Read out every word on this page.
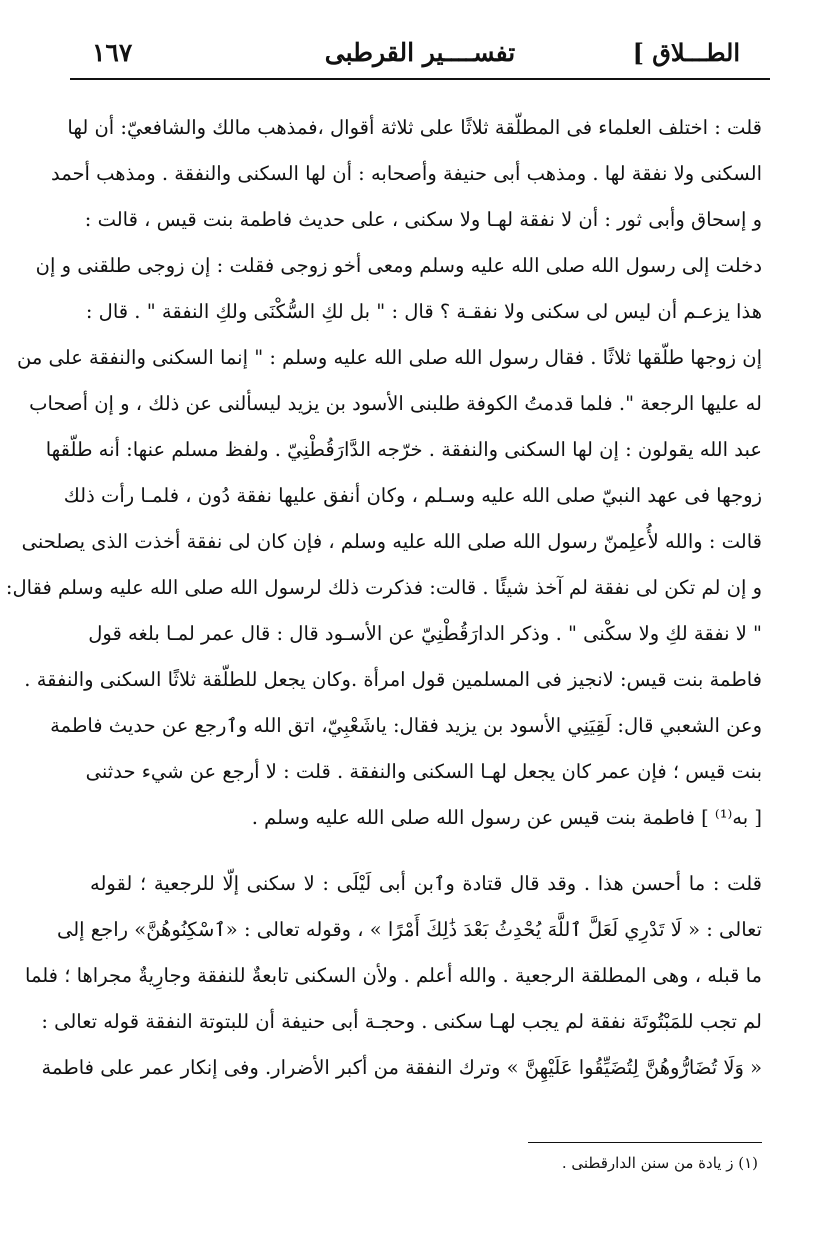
الطـــلاق ]
تفســــير القرطبى
١٦٧
قلت : اختلف العلماء فى المطلّقة ثلاثًا على ثلاثة أقوال ،فمذهب مالك والشافعيّ: أن لها
السكنى ولا نفقة لها . ومذهب أبى حنيفة وأصحابه : أن لها السكنى والنفقة . ومذهب أحمد
و إسحاق وأبى ثور : أن لا نفقة لهـا ولا سكنى ، على حديث فاطمة بنت قيس ، قالت :
دخلت إلى رسول الله صلى الله عليه وسلم ومعى أخو زوجى فقلت : إن زوجى طلقنى و إن
هذا يزعـم أن ليس لى سكنى ولا نفقـة ؟ قال : " بل لكِ السُّكْنَى ولكِ النفقة " . قال :
إن زوجها طلّقها ثلاثًا . فقال رسول الله صلى الله عليه وسلم : " إنما السكنى والنفقة على من
له عليها الرجعة ". فلما قدمتُ الكوفة طلبنى الأسود بن يزيد ليسألنى عن ذلك ، و إن أصحاب
عبد الله يقولون : إن لها السكنى والنفقة . خرّجه الدَّارَقُطْنِيّ . ولفظ مسلم عنها: أنه طلّقها
زوجها فى عهد النبيّ صلى الله عليه وسـلم ، وكان أنفق عليها نفقة دُون ، فلمـا رأت ذلك
قالت : والله لأُعلِمنّ رسول الله صلى الله عليه وسلم ، فإن كان لى نفقة أخذت الذى يصلحنى
و إن لم تكن لى نفقة لم آخذ شيئًا . قالت: فذكرت ذلك لرسول الله صلى الله عليه وسلم فقال:
" لا نفقة لكِ ولا سكْنى " . وذكر الدارَقُطْنِيّ عن الأسـود قال : قال عمر لمـا بلغه قول
فاطمة بنت قيس: لانجيز فى المسلمين قول امرأة .وكان يجعل للطلّقة ثلاثًا السكنى والنفقة .
وعن الشعبي قال: لَقِيَنِي الأسود بن يزيد فقال: ياشَعْبِيّ، اتق الله وٱرجع عن حديث فاطمة
بنت قيس ؛ فإن عمر كان يجعل لهـا السكنى والنفقة . قلت : لا أرجع عن شيء حدثنى
[ به⁽¹⁾ ] فاطمة بنت قيس عن رسول الله صلى الله عليه وسلم .
قلت : ما أحسن هذا . وقد قال قتادة وٱبن أبى لَيْلَى : لا سكنى إلّا للرجعية ؛ لقوله
تعالى : « لَا تَدْرِي لَعَلَّ ٱللَّهَ يُحْدِثُ بَعْدَ ذَٰلِكَ أَمْرًا » ، وقوله تعالى : «ٱسْكِنُوهُنَّ» راجع إلى
ما قبله ، وهى المطلقة الرجعية . والله أعلم . ولأن السكنى تابعةٌ للنفقة وجارِيةٌ مجراها ؛ فلما
لم تجب للمَبْتُوتَة نفقة لم يجب لهـا سكنى . وحجـة أبى حنيفة أن للبتوتة النفقة قوله تعالى :
« وَلَا تُضَارُّوهُنَّ لِتُضَيِّقُوا عَلَيْهِنَّ » وترك النفقة من أكبر الأضرار. وفى إنكار عمر على فاطمة
(١) ز يادة من سنن الدارقطنى .
